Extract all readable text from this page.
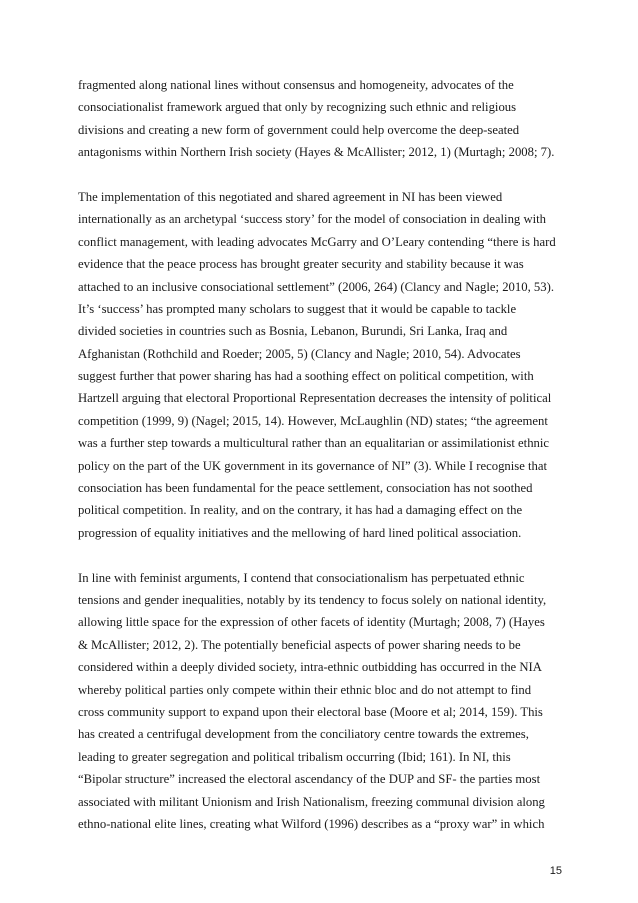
fragmented along national lines without consensus and homogeneity, advocates of the
consociationalist framework argued that only by recognizing such ethnic and religious
divisions and creating a new form of government could help overcome the deep-seated
antagonisms within Northern Irish society (Hayes & McAllister; 2012, 1) (Murtagh; 2008; 7).
The implementation of this negotiated and shared agreement in NI has been viewed
internationally as an archetypal ‘success story’ for the model of consociation in dealing with
conflict management, with leading advocates McGarry and O’Leary contending “there is hard
evidence that the peace process has brought greater security and stability because it was
attached to an inclusive consociational settlement” (2006, 264) (Clancy and Nagle; 2010, 53).
It’s ‘success’ has prompted many scholars to suggest that it would be capable to tackle
divided societies in countries such as Bosnia, Lebanon, Burundi, Sri Lanka, Iraq and
Afghanistan (Rothchild and Roeder; 2005, 5) (Clancy and Nagle; 2010, 54). Advocates
suggest further that power sharing has had a soothing effect on political competition, with
Hartzell arguing that electoral Proportional Representation decreases the intensity of political
competition (1999, 9) (Nagel; 2015, 14). However, McLaughlin (ND) states; “the agreement
was a further step towards a multicultural rather than an equalitarian or assimilationist ethnic
policy on the part of the UK government in its governance of NI” (3). While I recognise that
consociation has been fundamental for the peace settlement, consociation has not soothed
political competition. In reality, and on the contrary, it has had a damaging effect on the
progression of equality initiatives and the mellowing of hard lined political association.
In line with feminist arguments, I contend that consociationalism has perpetuated ethnic
tensions and gender inequalities, notably by its tendency to focus solely on national identity,
allowing little space for the expression of other facets of identity (Murtagh; 2008, 7) (Hayes
& McAllister; 2012, 2). The potentially beneficial aspects of power sharing needs to be
considered within a deeply divided society, intra-ethnic outbidding has occurred in the NIA
whereby political parties only compete within their ethnic bloc and do not attempt to find
cross community support to expand upon their electoral base (Moore et al; 2014, 159). This
has created a centrifugal development from the conciliatory centre towards the extremes,
leading to greater segregation and political tribalism occurring (Ibid; 161). In NI, this
“Bipolar structure” increased the electoral ascendancy of the DUP and SF- the parties most
associated with militant Unionism and Irish Nationalism, freezing communal division along
ethno-national elite lines, creating what Wilford (1996) describes as a “proxy war” in which
15
